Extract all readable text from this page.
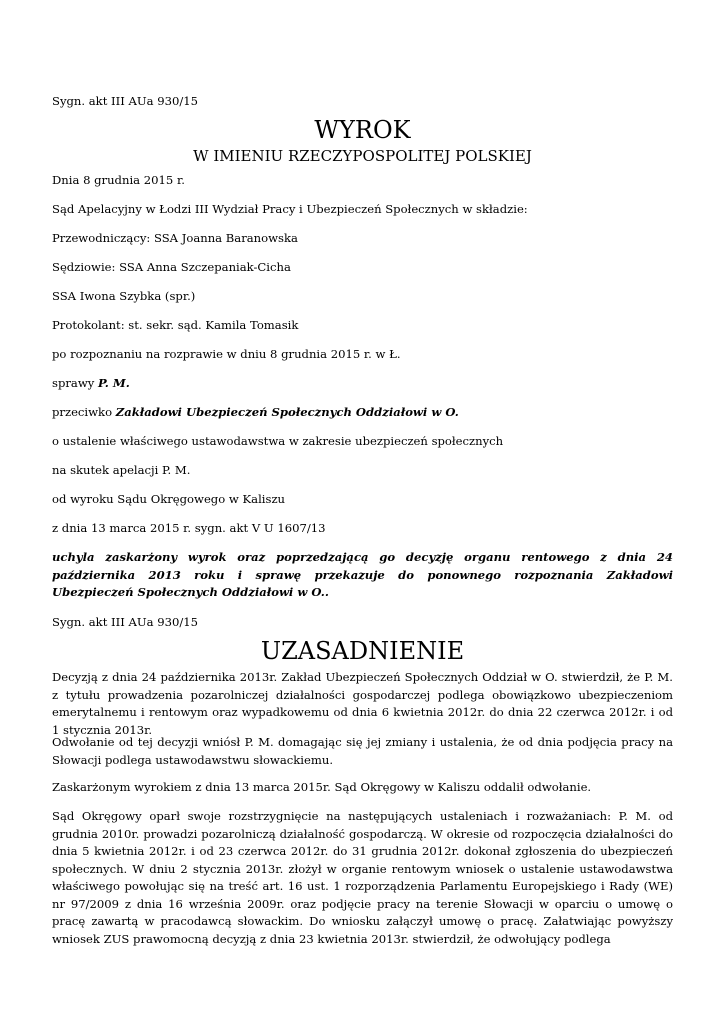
Sygn. akt III AUa 930/15
WYROK
W IMIENIU RZECZYPOSPOLITEJ POLSKIEJ
Dnia 8 grudnia 2015 r.
Sąd Apelacyjny w Łodzi III Wydział Pracy i Ubezpieczeń Społecznych w składzie:
Przewodniczący: SSA Joanna Baranowska
Sędziowie: SSA Anna Szczepaniak-Cicha
SSA Iwona Szybka (spr.)
Protokolant: st. sekr. sąd. Kamila Tomasik
po rozpoznaniu na rozprawie w dniu 8 grudnia 2015 r. w Ł.
sprawy P. M.
przeciwko Zakładowi Ubezpieczeń Społecznych Oddziałowi w O.
o ustalenie właściwego ustawodawstwa w zakresie ubezpieczeń społecznych
na skutek apelacji P. M.
od wyroku Sądu Okręgowego w Kaliszu
z dnia 13 marca 2015 r. sygn. akt V U 1607/13
uchyla zaskarżony wyrok oraz poprzedzającą go decyzję organu rentowego z dnia 24 października 2013 roku i sprawę przekazuje do ponownego rozpoznania Zakładowi Ubezpieczeń Społecznych Oddziałowi w O..
Sygn. akt III AUa 930/15
UZASADNIENIE
Decyzją z dnia 24 października 2013r. Zakład Ubezpieczeń Społecznych Oddział w O. stwierdził, że P. M. z tytułu prowadzenia pozarolniczej działalności gospodarczej podlega obowiązkowo ubezpieczeniom emerytalnemu i rentowym oraz wypadkowemu od dnia 6 kwietnia 2012r. do dnia 22 czerwca 2012r. i od 1 stycznia 2013r.
Odwołanie od tej decyzji wniósł P. M. domagając się jej zmiany i ustalenia, że od dnia podjęcia pracy na Słowacji podlega ustawodawstwu słowackiemu.
Zaskarżonym wyrokiem z dnia 13 marca 2015r. Sąd Okręgowy w Kaliszu oddalił odwołanie.
Sąd Okręgowy oparł swoje rozstrzygnięcie na następujących ustaleniach i rozważaniach: P. M. od grudnia 2010r. prowadzi pozarolniczą działalność gospodarczą. W okresie od rozpoczęcia działalności do dnia 5 kwietnia 2012r. i od 23 czerwca 2012r. do 31 grudnia 2012r. dokonał zgłoszenia do ubezpieczeń społecznych. W dniu 2 stycznia 2013r. złożył w organie rentowym wniosek o ustalenie ustawodawstwa właściwego powołując się na treść art. 16 ust. 1 rozporządzenia Parlamentu Europejskiego i Rady (WE) nr 97/2009 z dnia 16 września 2009r. oraz podjęcie pracy na terenie Słowacji w oparciu o umowę o pracę zawartą w pracodawcą słowackim. Do wniosku załączył umowę o pracę. Załatwiając powyższy wniosek ZUS prawomocną decyzją z dnia 23 kwietnia 2013r. stwierdził, że odwołujący podlega
